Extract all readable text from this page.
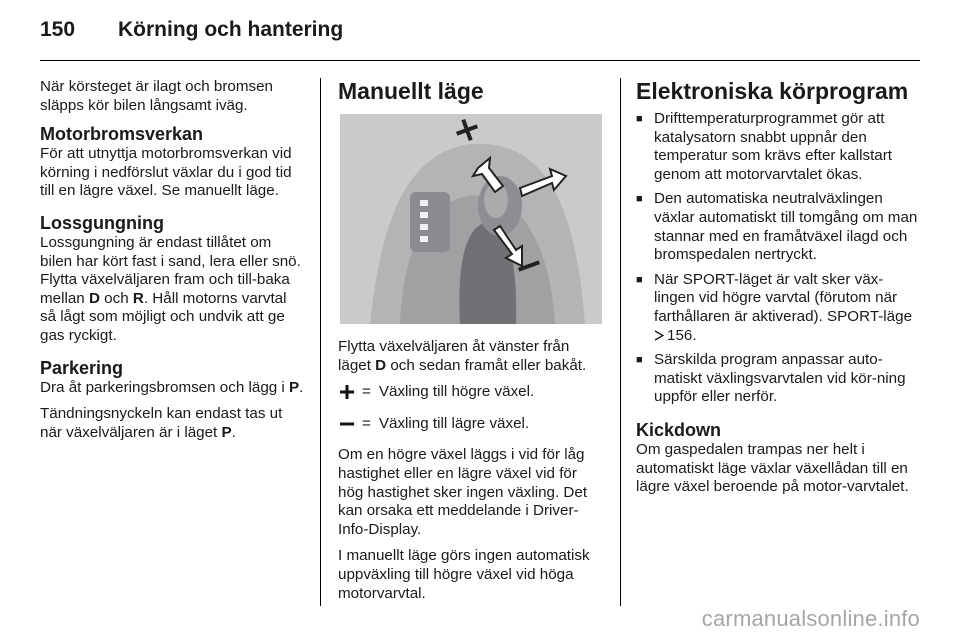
150 Körning och hantering

När körsteget är ilagt och bromsen släpps kör bilen långsamt iväg.

Motorbromsverkan

För att utnyttja motorbromsverkan vid körning i nedförslut växlar du i god tid till en lägre växel. Se manuellt läge.

Lossgungning

Lossgungning är endast tillåtet om bilen har kört fast i sand, lera eller snö. Flytta växelväljaren fram och till-baka mellan D och R. Håll motorns varvtal så lågt som möjligt och undvik att ge gas ryckigt.

Parkering

Dra åt parkeringsbromsen och lägg i P.

Tändningsnyckeln kan endast tas ut när växelväljaren är i läget P.

Manuellt läge

Flytta växelväljaren åt vänster från läget D och sedan framåt eller bakåt.

= Växling till högre växel.
= Växling till lägre växel.

Om en högre växel läggs i vid för låg hastighet eller en lägre växel vid för hög hastighet sker ingen växling. Det kan orsaka ett meddelande i Driver-Info-Display.

I manuellt läge görs ingen automatisk uppväxling till högre växel vid höga motorvarvtal.

Elektroniska körprogram
■ Drifttemperaturprogrammet gör att katalysatorn snabbt uppnår den temperatur som krävs efter kallstart genom att motorvarvtalet ökas.
■ Den automatiska neutralväxlingen växlar automatiskt till tomgång om man stannar med en framåtväxel ilagd och bromspedalen nertryckt.
■ När SPORT-läget är valt sker väx-lingen vid högre varvtal (förutom när farthållaren är aktiverad). SPORT-läge 156.
■ Särskilda program anpassar auto-matiskt växlingsvarvtalen vid kör-ning uppför eller nerför.
Kickdown

Om gaspedalen trampas ner helt i automatiskt läge växlar växellådan till en lägre växel beroende på motor-varvtalet.

carmanualsonline.info
